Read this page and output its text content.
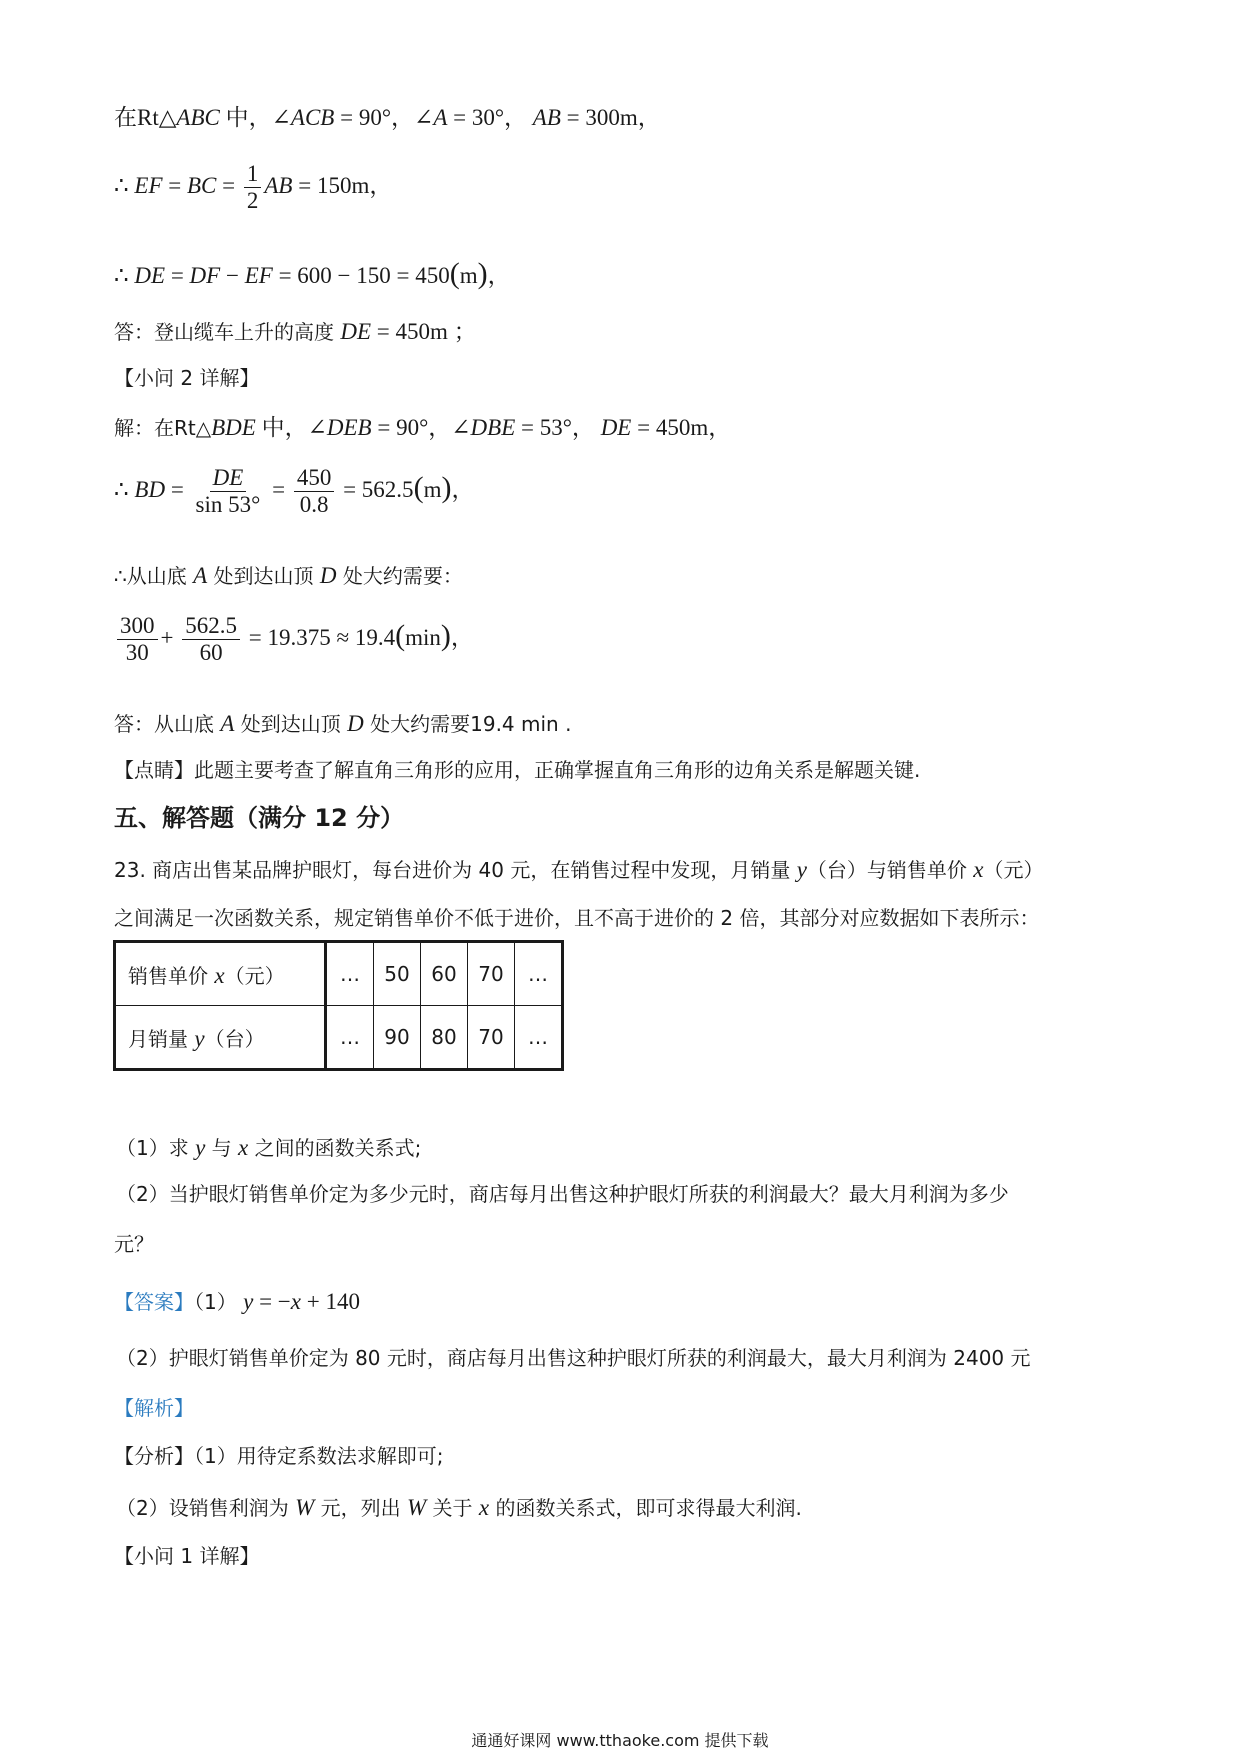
在Rt△ABC 中，∠ACB = 90°，∠A = 30°， AB = 300m，
∴ EF = BC = $\frac{1}{2}$ AB = 150m，
∴ DE = DF − EF = 600 − 150 = 450(m)，
答：登山缆车上升的高度 DE = 450m ；
【小问 2 详解】
解：在Rt△BDE 中，∠DEB = 90°，∠DBE = 53°， DE = 450m，
∴ BD = $\frac{DE}{\sin 53^\circ} = \frac{450}{0.8} = 562.5(m)$，
∴从山底 A 处到达山顶 D 处大约需要：
$\frac{300}{30} + \frac{562.5}{60} = 19.375 \approx 19.4(\min)$，
答：从山底 A 处到达山顶 D 处大约需要19.4 min .
【点睛】此题主要考查了解直角三角形的应用，正确掌握直角三角形的边角关系是解题关键.
五、解答题（满分 12 分）
23. 商店出售某品牌护眼灯，每台进价为 40 元，在销售过程中发现，月销量 y（台）与销售单价 x（元）
之间满足一次函数关系，规定销售单价不低于进价，且不高于进价的 2 倍，其部分对应数据如下表所示：
销售单价 x（元）	…	50	60	70	…
月销量 y（台）	…	90	80	70	…
（1）求 y 与 x 之间的函数关系式;
（2）当护眼灯销售单价定为多少元时，商店每月出售这种护眼灯所获的利润最大？最大月利润为多少
元？
【答案】（1） y = −x + 140
（2）护眼灯销售单价定为 80 元时，商店每月出售这种护眼灯所获的利润最大，最大月利润为 2400 元
【解析】
【分析】（1）用待定系数法求解即可;
（2）设销售利润为 W 元，列出 W 关于 x 的函数关系式，即可求得最大利润.
【小问 1 详解】
通通好课网 www.tthaoke.com 提供下载
